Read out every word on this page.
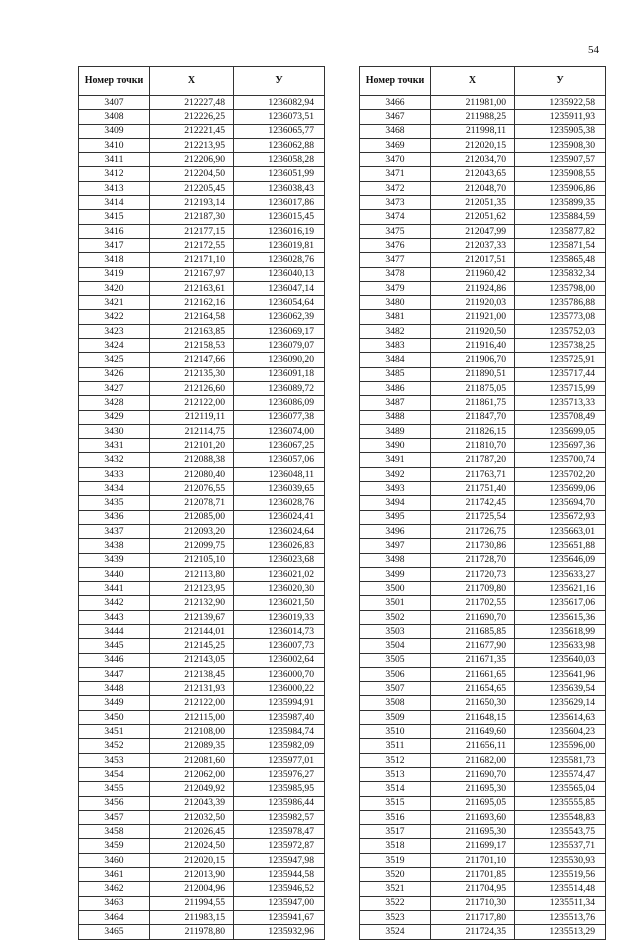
54
Номер точки	X	У
3407	212227,48	1236082,94
3408	212226,25	1236073,51
3409	212221,45	1236065,77
3410	212213,95	1236062,88
3411	212206,90	1236058,28
3412	212204,50	1236051,99
3413	212205,45	1236038,43
3414	212193,14	1236017,86
3415	212187,30	1236015,45
3416	212177,15	1236016,19
3417	212172,55	1236019,81
3418	212171,10	1236028,76
3419	212167,97	1236040,13
3420	212163,61	1236047,14
3421	212162,16	1236054,64
3422	212164,58	1236062,39
3423	212163,85	1236069,17
3424	212158,53	1236079,07
3425	212147,66	1236090,20
3426	212135,30	1236091,18
3427	212126,60	1236089,72
3428	212122,00	1236086,09
3429	212119,11	1236077,38
3430	212114,75	1236074,00
3431	212101,20	1236067,25
3432	212088,38	1236057,06
3433	212080,40	1236048,11
3434	212076,55	1236039,65
3435	212078,71	1236028,76
3436	212085,00	1236024,41
3437	212093,20	1236024,64
3438	212099,75	1236026,83
3439	212105,10	1236023,68
3440	212113,80	1236021,02
3441	212123,95	1236020,30
3442	212132,90	1236021,50
3443	212139,67	1236019,33
3444	212144,01	1236014,73
3445	212145,25	1236007,73
3446	212143,05	1236002,64
3447	212138,45	1236000,70
3448	212131,93	1236000,22
3449	212122,00	1235994,91
3450	212115,00	1235987,40
3451	212108,00	1235984,74
3452	212089,35	1235982,09
3453	212081,60	1235977,01
3454	212062,00	1235976,27
3455	212049,92	1235985,95
3456	212043,39	1235986,44
3457	212032,50	1235982,57
3458	212026,45	1235978,47
3459	212024,50	1235972,87
3460	212020,15	1235947,98
3461	212013,90	1235944,58
3462	212004,96	1235946,52
3463	211994,55	1235947,00
3464	211983,15	1235941,67
3465	211978,80	1235932,96
Номер точки	X	У
3466	211981,00	1235922,58
3467	211988,25	1235911,93
3468	211998,11	1235905,38
3469	212020,15	1235908,30
3470	212034,70	1235907,57
3471	212043,65	1235908,55
3472	212048,70	1235906,86
3473	212051,35	1235899,35
3474	212051,62	1235884,59
3475	212047,99	1235877,82
3476	212037,33	1235871,54
3477	212017,51	1235865,48
3478	211960,42	1235832,34
3479	211924,86	1235798,00
3480	211920,03	1235786,88
3481	211921,00	1235773,08
3482	211920,50	1235752,03
3483	211916,40	1235738,25
3484	211906,70	1235725,91
3485	211890,51	1235717,44
3486	211875,05	1235715,99
3487	211861,75	1235713,33
3488	211847,70	1235708,49
3489	211826,15	1235699,05
3490	211810,70	1235697,36
3491	211787,20	1235700,74
3492	211763,71	1235702,20
3493	211751,40	1235699,06
3494	211742,45	1235694,70
3495	211725,54	1235672,93
3496	211726,75	1235663,01
3497	211730,86	1235651,88
3498	211728,70	1235646,09
3499	211720,73	1235633,27
3500	211709,80	1235621,16
3501	211702,55	1235617,06
3502	211690,70	1235615,36
3503	211685,85	1235618,99
3504	211677,90	1235633,98
3505	211671,35	1235640,03
3506	211661,65	1235641,96
3507	211654,65	1235639,54
3508	211650,30	1235629,14
3509	211648,15	1235614,63
3510	211649,60	1235604,23
3511	211656,11	1235596,00
3512	211682,00	1235581,73
3513	211690,70	1235574,47
3514	211695,30	1235565,04
3515	211695,05	1235555,85
3516	211693,60	1235548,83
3517	211695,30	1235543,75
3518	211699,17	1235537,71
3519	211701,10	1235530,93
3520	211701,85	1235519,56
3521	211704,95	1235514,48
3522	211710,30	1235511,34
3523	211717,80	1235513,76
3524	211724,35	1235513,29
